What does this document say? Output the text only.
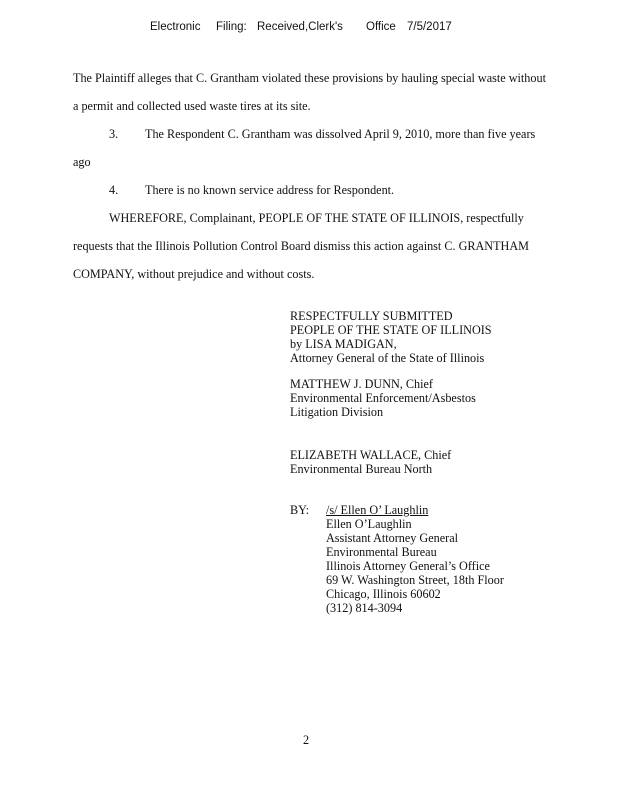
Electronic Filing: Received,Clerk's Office 7/5/2017
The Plaintiff alleges that C. Grantham violated these provisions by hauling special waste without
a permit and collected used waste tires at its site.
3. The Respondent C. Grantham was dissolved April 9, 2010, more than five years
ago
4. There is no known service address for Respondent.
WHEREFORE, Complainant, PEOPLE OF THE STATE OF ILLINOIS, respectfully
requests that the Illinois Pollution Control Board dismiss this action against C. GRANTHAM
COMPANY, without prejudice and without costs.
RESPECTFULLY SUBMITTED
PEOPLE OF THE STATE OF ILLINOIS
by LISA MADIGAN,
Attorney General of the State of Illinois
MATTHEW J. DUNN, Chief
Environmental Enforcement/Asbestos
Litigation Division
ELIZABETH WALLACE, Chief
Environmental Bureau North
BY: /s/ Ellen O’ Laughlin
Ellen O’Laughlin
Assistant Attorney General
Environmental Bureau
Illinois Attorney General’s Office
69 W. Washington Street, 18th Floor
Chicago, Illinois 60602
(312) 814-3094
2
